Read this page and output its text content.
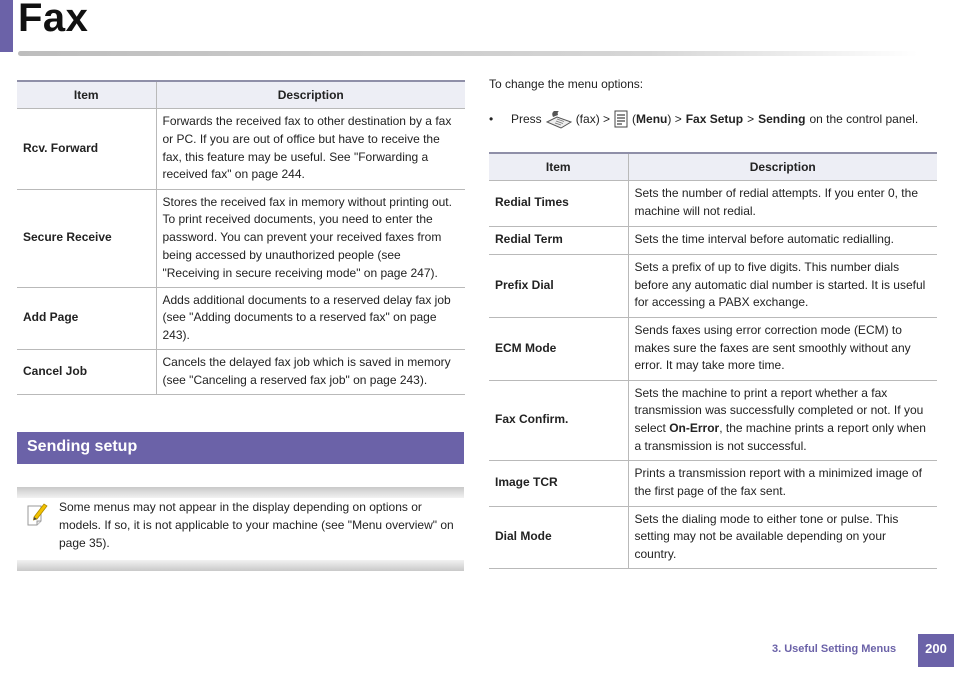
Fax
Item	Description
Rcv. Forward	Forwards the received fax to other destination by a fax or PC. If you are out of office but have to receive the fax, this feature may be useful. See "Forwarding a received fax" on page 244.
Secure Receive	Stores the received fax in memory without printing out. To print received documents, you need to enter the password. You can prevent your received faxes from being accessed by unauthorized people (see "Receiving in secure receiving mode" on page 247).
Add Page	Adds additional documents to a reserved delay fax job (see "Adding documents to a reserved fax" on page 243).
Cancel Job	Cancels the delayed fax job which is saved in memory (see "Canceling a reserved fax job" on page 243).
Sending setup
Some menus may not appear in the display depending on options or models. If so, it is not applicable to your machine (see "Menu overview" on page 35).
To change the menu options:
•	Press	(fax) > ( Menu ) > Fax Setup > Sending on the control panel.
Item	Description
Redial Times	Sets the number of redial attempts. If you enter 0, the machine will not redial.
Redial Term	Sets the time interval before automatic redialling.
Prefix Dial	Sets a prefix of up to five digits. This number dials before any automatic dial number is started. It is useful for accessing a PABX exchange.
ECM Mode	Sends faxes using error correction mode (ECM) to makes sure the faxes are sent smoothly without any error. It may take more time.
Fax Confirm.	Sets the machine to print a report whether a fax transmission was successfully completed or not. If you select On-Error, the machine prints a report only when a transmission is not successful.
Image TCR	Prints a transmission report with a minimized image of the first page of the fax sent.
Dial Mode	Sets the dialing mode to either tone or pulse. This setting may not be available depending on your country.
3. Useful Setting Menus	200
